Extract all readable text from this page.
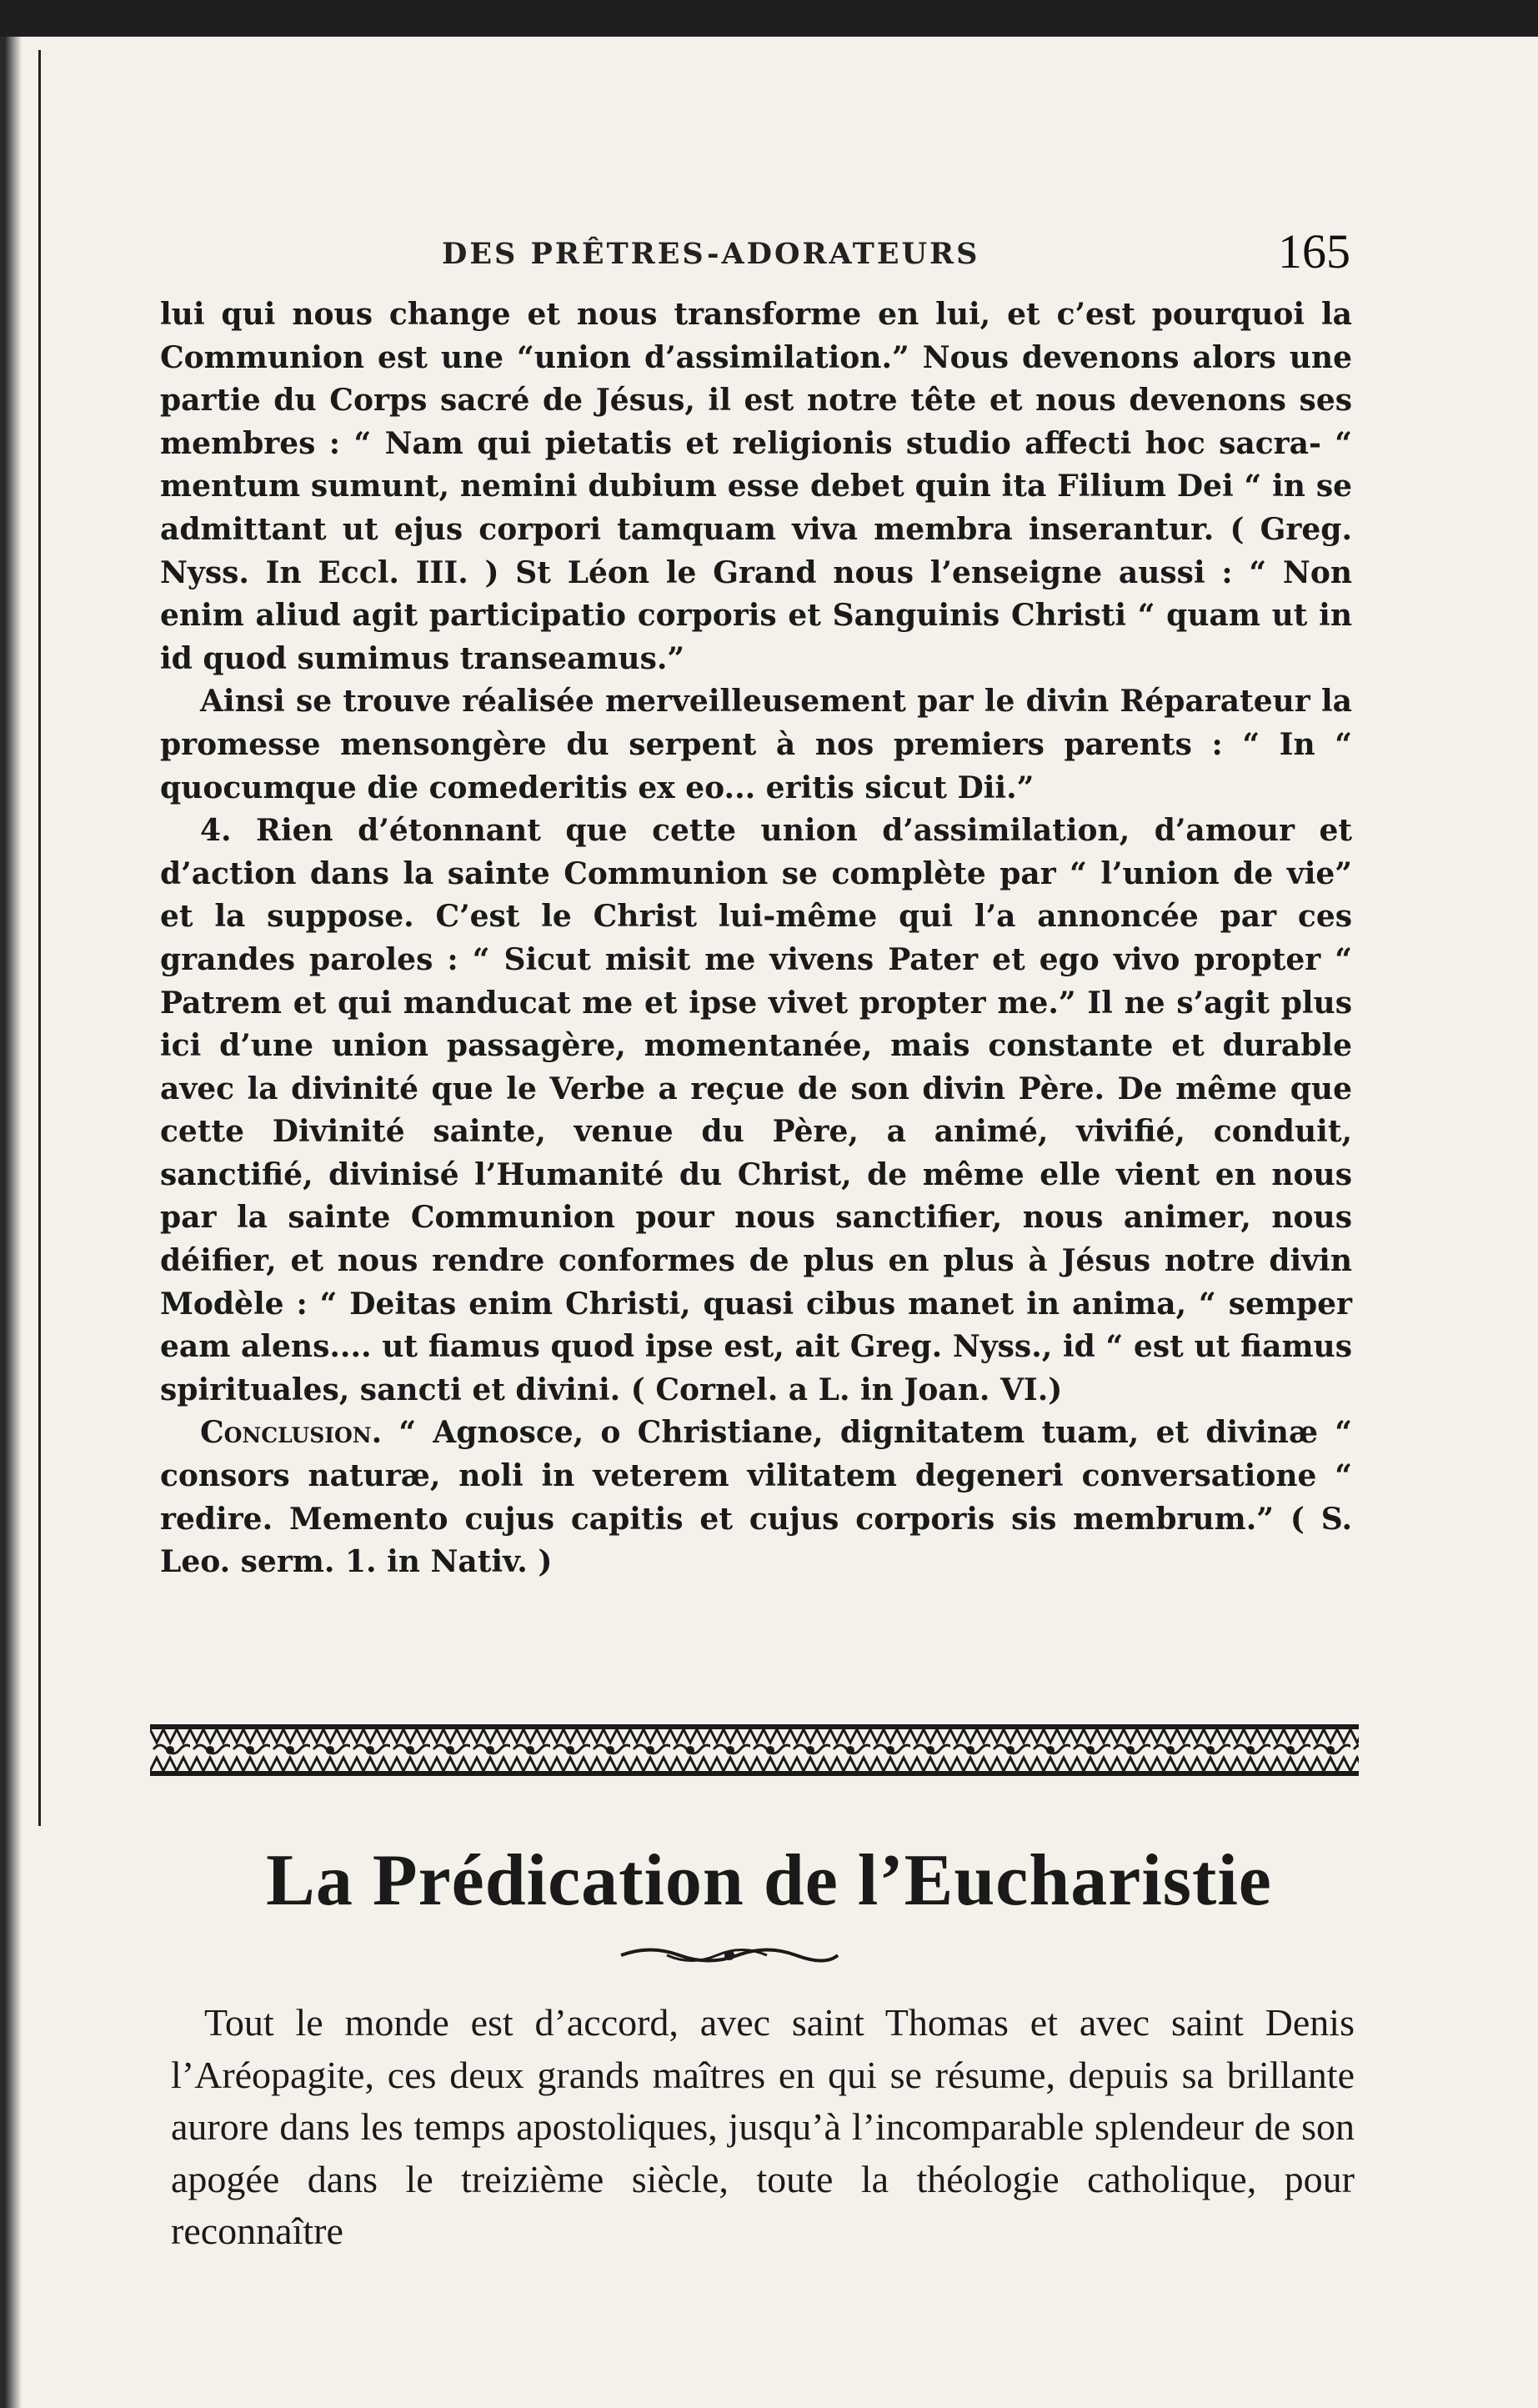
DES PRÊTRES-ADORATEURS	165

lui qui nous change et nous transforme en lui, et c’est pourquoi la Communion est une “union d’assimilation.” Nous devenons alors une partie du Corps sacré de Jésus, il est notre tête et nous devenons ses membres : “ Nam qui pietatis et religionis studio affecti hoc sacra- “ mentum sumunt, nemini dubium esse debet quin ita Filium Dei “ in se admittant ut ejus corpori tamquam viva membra inserantur. ( Greg. Nyss. In Eccl. III. ) St Léon le Grand nous l’enseigne aussi : “ Non enim aliud agit participatio corporis et Sanguinis Christi “ quam ut in id quod sumimus transeamus.”

Ainsi se trouve réalisée merveilleusement par le divin Réparateur la promesse mensongère du serpent à nos premiers parents : “ In “ quocumque die comederitis ex eo... eritis sicut Dii.”

4. Rien d’étonnant que cette union d’assimilation, d’amour et d’action dans la sainte Communion se complète par “ l’union de vie” et la suppose. C’est le Christ lui-même qui l’a annoncée par ces grandes paroles : “ Sicut misit me vivens Pater et ego vivo propter “ Patrem et qui manducat me et ipse vivet propter me.” Il ne s’agit plus ici d’une union passagère, momentanée, mais constante et durable avec la divinité que le Verbe a reçue de son divin Père. De même que cette Divinité sainte, venue du Père, a animé, vivifié, conduit, sanctifié, divinisé l’Humanité du Christ, de même elle vient en nous par la sainte Communion pour nous sanctifier, nous animer, nous déifier, et nous rendre conformes de plus en plus à Jésus notre divin Modèle : “ Deitas enim Christi, quasi cibus manet in anima, “ semper eam alens.... ut fiamus quod ipse est, ait Greg. Nyss., id “ est ut fiamus spirituales, sancti et divini. ( Cornel. a L. in Joan. VI.)

Conclusion. “ Agnosce, o Christiane, dignitatem tuam, et divinæ “ consors naturæ, noli in veterem vilitatem degeneri conversatione “ redire. Memento cujus capitis et cujus corporis sis membrum.” ( S. Leo. serm. 1. in Nativ. )

La Prédication de l’Eucharistie

Tout le monde est d’accord, avec saint Thomas et avec saint Denis l’Aréopagite, ces deux grands maîtres en qui se résume, depuis sa brillante aurore dans les temps apostoliques, jusqu’à l’incomparable splendeur de son apogée dans le treizième siècle, toute la théologie catholique, pour reconnaître
